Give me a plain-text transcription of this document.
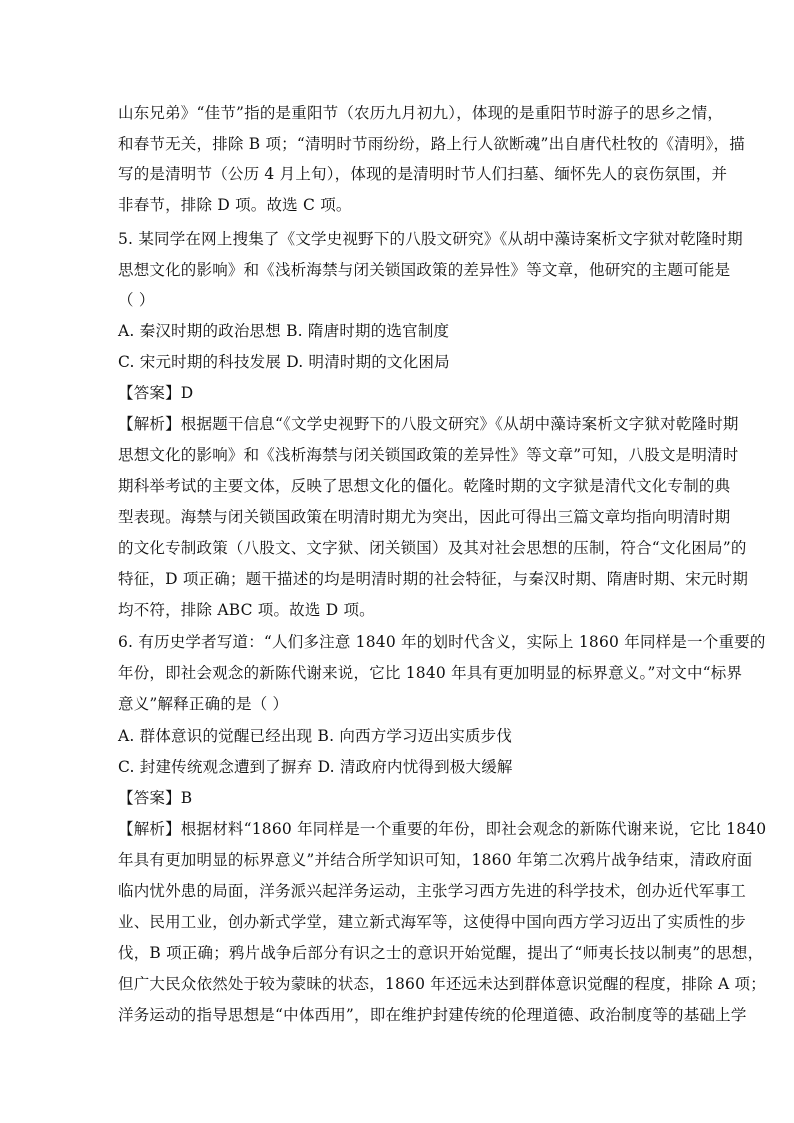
山东兄弟》“佳节”指的是重阳节（农历九月初九），体现的是重阳节时游子的思乡之情，
和春节无关，排除 B 项；“清明时节雨纷纷，路上行人欲断魂”出自唐代杜牧的《清明》，描
写的是清明节（公历 4 月上旬），体现的是清明时节人们扫墓、缅怀先人的哀伤氛围，并
非春节，排除 D 项。故选 C 项。
5. 某同学在网上搜集了《文学史视野下的八股文研究》《从胡中藻诗案析文字狱对乾隆时期
思想文化的影响》和《浅析海禁与闭关锁国政策的差异性》等文章，他研究的主题可能是
（ ）
A. 秦汉时期的政治思想 B. 隋唐时期的选官制度
C. 宋元时期的科技发展 D. 明清时期的文化困局
【答案】D
【解析】根据题干信息“《文学史视野下的八股文研究》《从胡中藻诗案析文字狱对乾隆时期
思想文化的影响》和《浅析海禁与闭关锁国政策的差异性》等文章”可知，八股文是明清时
期科举考试的主要文体，反映了思想文化的僵化。乾隆时期的文字狱是清代文化专制的典
型表现。海禁与闭关锁国政策在明清时期尤为突出，因此可得出三篇文章均指向明清时期
的文化专制政策（八股文、文字狱、闭关锁国）及其对社会思想的压制，符合“文化困局”的
特征，D 项正确；题干描述的均是明清时期的社会特征，与秦汉时期、隋唐时期、宋元时期
均不符，排除 ABC 项。故选 D 项。
6. 有历史学者写道：“人们多注意 1840 年的划时代含义，实际上 1860 年同样是一个重要的
年份，即社会观念的新陈代谢来说，它比 1840 年具有更加明显的标界意义。”对文中“标界
意义”解释正确的是（ ）
A. 群体意识的觉醒已经出现 B. 向西方学习迈出实质步伐
C. 封建传统观念遭到了摒弃 D. 清政府内忧得到极大缓解
【答案】B
【解析】根据材料“1860 年同样是一个重要的年份，即社会观念的新陈代谢来说，它比 1840
年具有更加明显的标界意义”并结合所学知识可知，1860 年第二次鸦片战争结束，清政府面
临内忧外患的局面，洋务派兴起洋务运动，主张学习西方先进的科学技术，创办近代军事工
业、民用工业，创办新式学堂，建立新式海军等，这使得中国向西方学习迈出了实质性的步
伐，B 项正确；鸦片战争后部分有识之士的意识开始觉醒，提出了“师夷长技以制夷”的思想，
但广大民众依然处于较为蒙昧的状态，1860 年还远未达到群体意识觉醒的程度，排除 A 项；
洋务运动的指导思想是“中体西用”，即在维护封建传统的伦理道德、政治制度等的基础上学
